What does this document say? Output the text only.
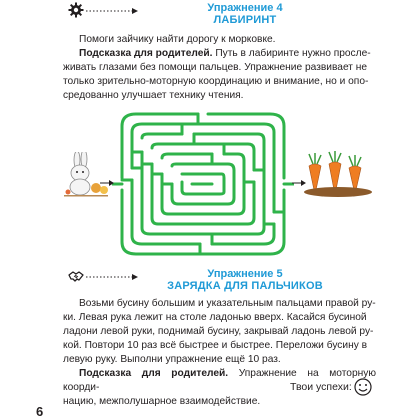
Упражнение 4
ЛАБИРИНТ

Помоги зайчику найти дорогу к морковке.

Подсказка для родителей. Путь в лабиринте нужно просле-

живать глазами без помощи пальцев. Упражнение развивает не

только зрительно-моторную координацию и внимание, но и опо-

средованно улучшает технику чтения.

Упражнение 5
ЗАРЯДКА ДЛЯ ПАЛЬЧИКОВ

Возьми бусину большим и указательным пальцами правой ру-

ки. Левая рука лежит на столе ладонью вверх. Касайся бусиной

ладони левой руки, поднимай бусину, закрывай ладонь левой ру-

кой. Повтори 10 раз всё быстрее и быстрее. Переложи бусину в

левую руку. Выполни упражнение ещё 10 раз.

Подсказка для родителей. Упражнение на моторную коорди-

нацию, межполушарное взаимодействие.

Твои успехи:
6
